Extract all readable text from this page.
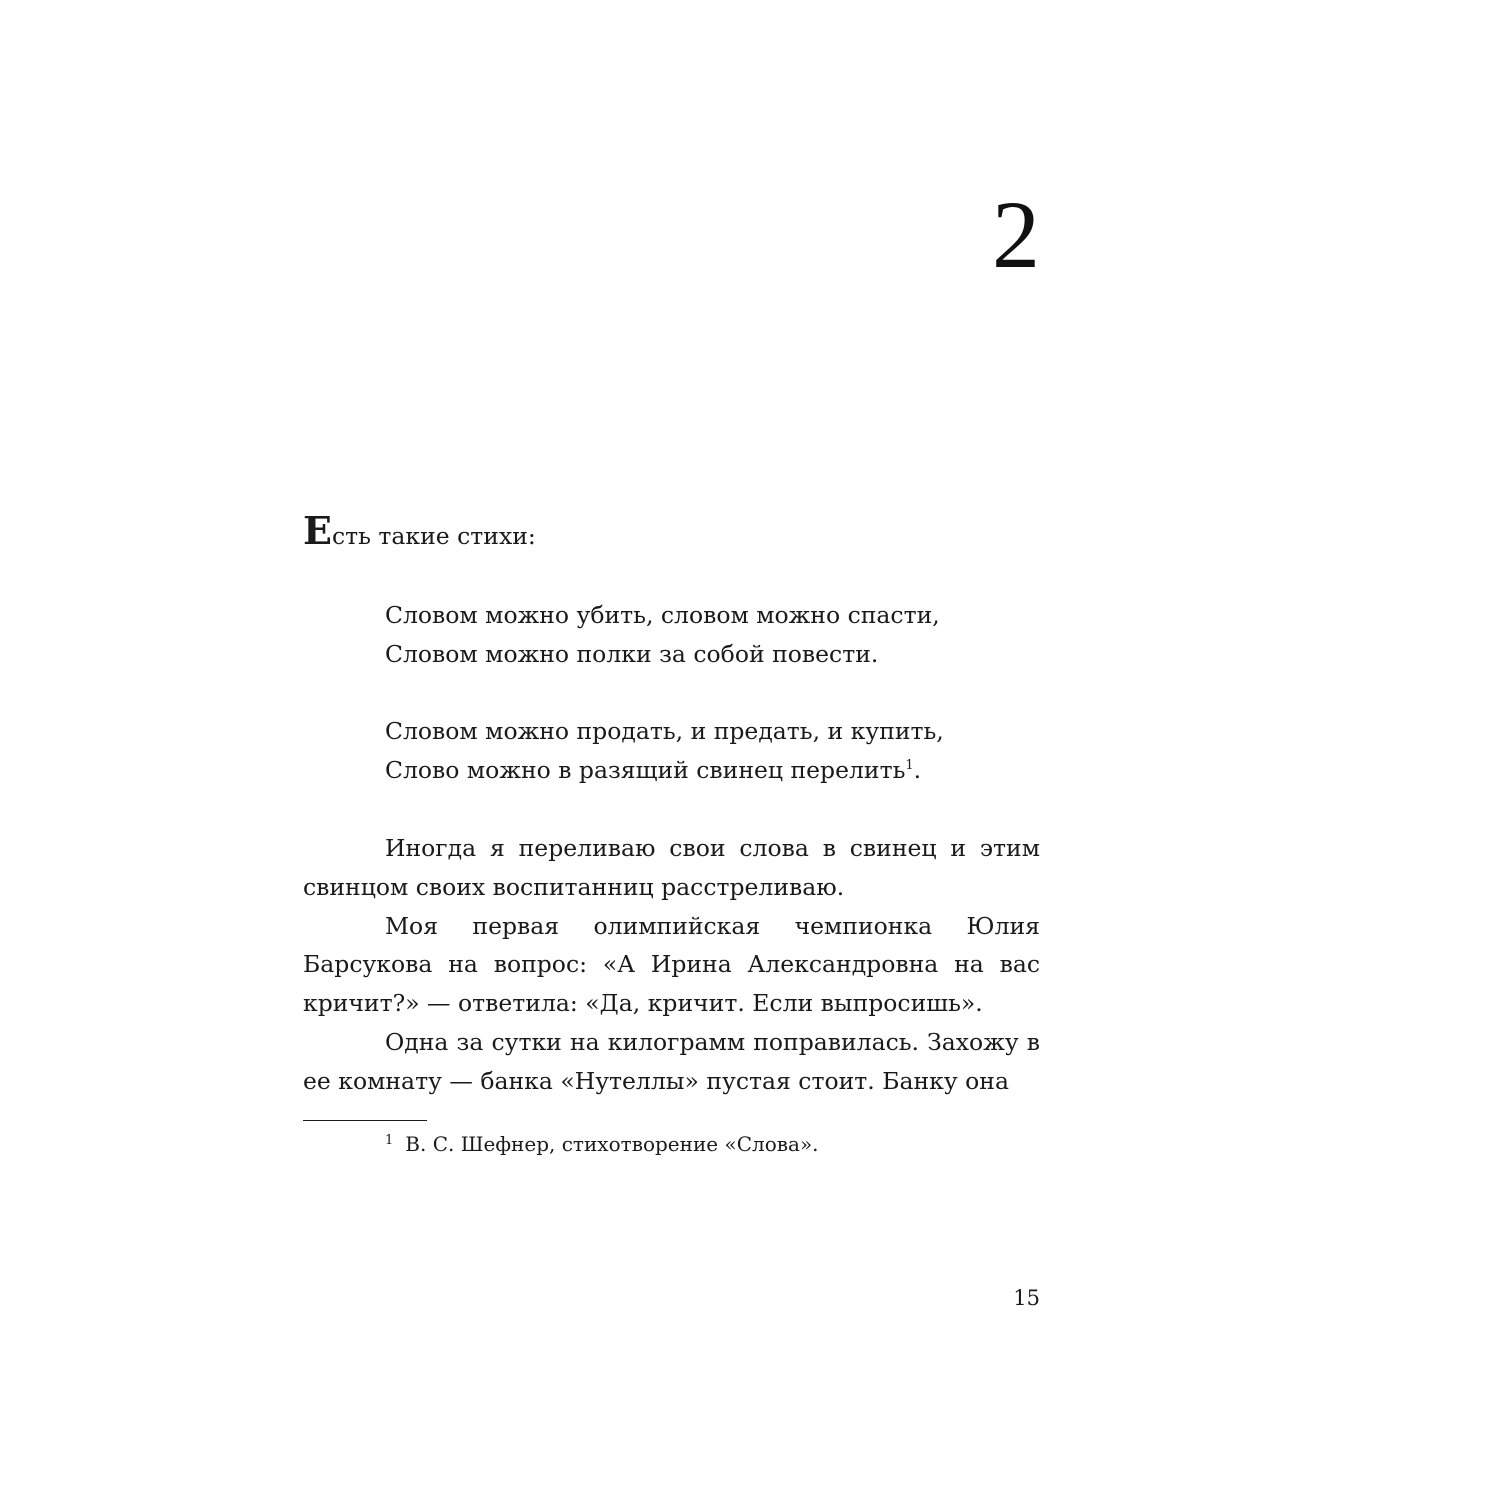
2
Есть такие стихи:
Словом можно убить, словом можно спасти,
Словом можно полки за собой повести.
Словом можно продать, и предать, и купить,
Слово можно в разящий свинец перелить$^1$.

Иногда я переливаю свои слова в свинец и этим свинцом своих воспитанниц расстреливаю.

Моя первая олимпийская чемпионка Юлия Барсукова на вопрос: «А Ирина Александровна на вас кричит?» — ответила: «Да, кричит. Если выпросишь».

Одна за сутки на килограмм поправилась. Захожу в ее комнату — банка «Нутеллы» пустая стоит. Банку она

$^1$ В. С. Шефнер, стихотворение «Слова».
15
